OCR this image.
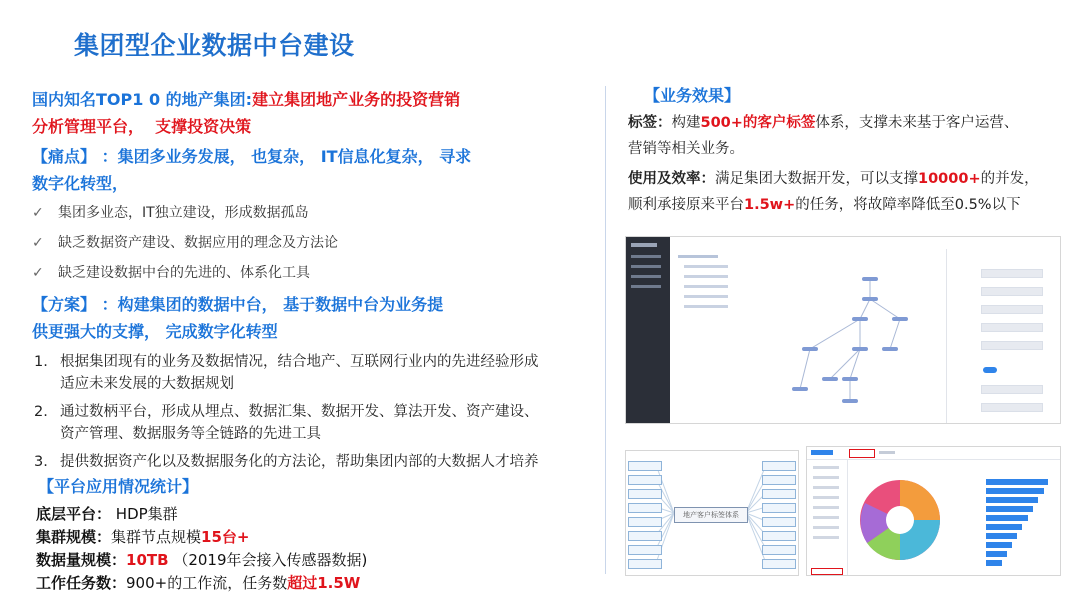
集团型企业数据中台建设
国内知名TOP1 0 的地产集团:建立集团地产业务的投资营销
分析管理平台， 支撑投资决策
【痛点】 ：集团多业务发展， 也复杂， IT信息化复杂， 寻求
数字化转型，
✓ 集团多业态，IT独立建设，形成数据孤岛
✓ 缺乏数据资产建设、数据应用的理念及方法论
✓ 缺乏建设数据中台的先进的、体系化工具
【方案】 ：构建集团的数据中台， 基于数据中台为业务提
供更强大的支撑， 完成数字化转型
1. 根据集团现有的业务及数据情况，结合地产、互联网行业内的先进经验形成
适应未来发展的大数据规划
2. 通过数柄平台，形成从埋点、数据汇集、数据开发、算法开发、资产建设、
资产管理、数据服务等全链路的先进工具
3. 提供数据资产化以及数据服务化的方法论，帮助集团内部的大数据人才培养
【平台应用情况统计】
底层平台： HDP集群
集群规模：集群节点规模15台+
数据量规模：10TB （2019年会接入传感器数据)
工作任务数：900+的工作流，任务数超过1.5W
【业务效果】
标签：构建500+的客户标签体系，支撑未来基于客户运营、
营销等相关业务。
使用及效率：满足集团大数据开发，可以支撑10000+的并发，
顺利承接原来平台1.5w+的任务，将故障率降低至0.5%以下
地产客户标签体系
